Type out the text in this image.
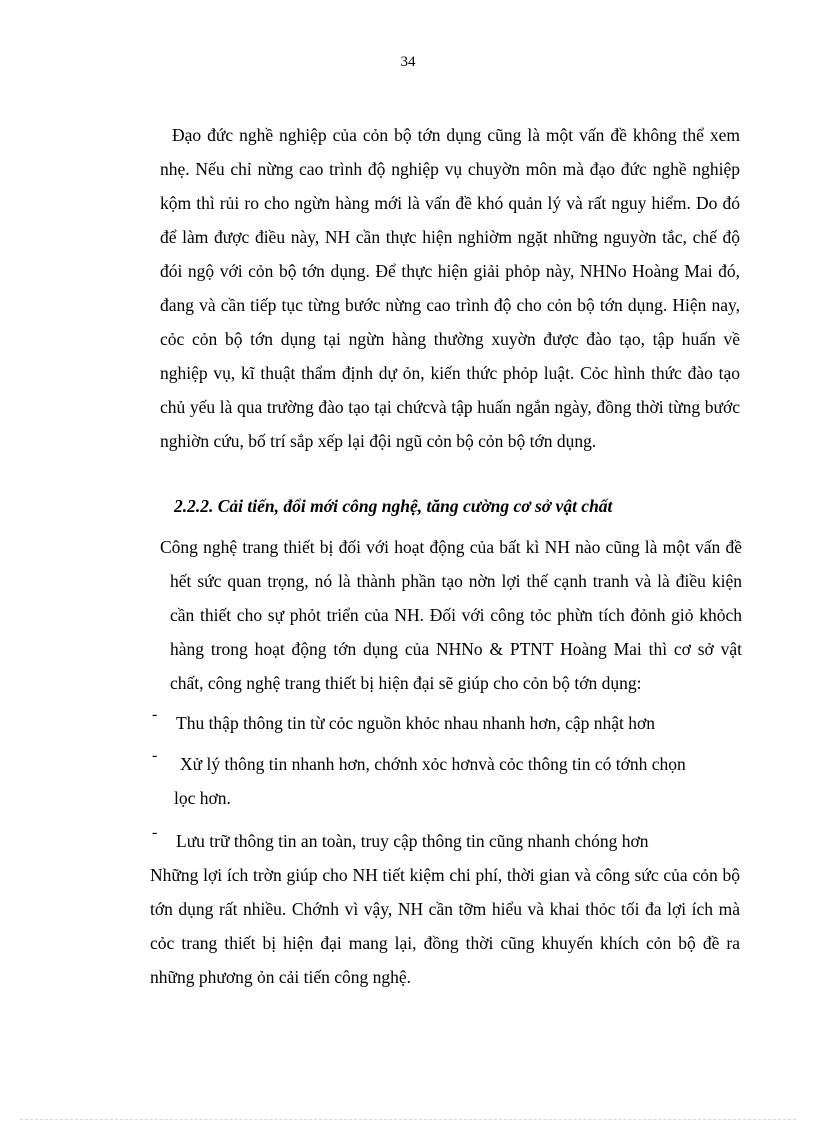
34

Đạo đức nghề nghiệp của cỏn bộ tớn dụng cũng là một vấn đề không thể xem nhẹ. Nếu chỉ nừng cao trình độ nghiệp vụ chuyờn môn mà đạo đức nghề nghiệp kộm thì rủi ro cho ngừn hàng mới là vấn đề khó quản lý và rất nguy hiểm. Do đó để làm được điều này, NH cần thực hiện nghiờm ngặt những nguyờn tắc, chế độ đói ngộ với cỏn bộ tớn dụng. Để thực hiện giải phỏp này, NHNo Hoàng Mai đó, đang và cần tiếp tục từng bước nừng cao trình độ cho cỏn bộ tớn dụng. Hiện nay, cỏc cỏn bộ tớn dụng tại ngừn hàng thường xuyờn được đào tạo, tập huấn về nghiệp vụ, kĩ thuật thẩm định dự ỏn, kiến thức phỏp luật. Cỏc hình thức đào tạo chủ yếu là qua trường đào tạo tại chứcvà tập huấn ngắn ngày, đồng thời từng bước nghiờn cứu, bố trí sắp xếp lại đội ngũ cỏn bộ cỏn bộ tớn dụng.

2.2.2. Cải tiến, đổi mới công nghệ, tăng cường cơ sở vật chất

Công nghệ trang thiết bị đối với hoạt động của bất kì NH nào cũng là một vấn đề hết sức quan trọng, nó là thành phần tạo nờn lợi thế cạnh tranh và là điều kiện cần thiết cho sự phỏt triển của NH. Đối với công tỏc phừn tích đỏnh giỏ khỏch hàng trong hoạt động tớn dụng của NHNo & PTNT Hoàng Mai thì cơ sở vật chất, công nghệ trang thiết bị hiện đại sẽ giúp cho cỏn bộ tớn dụng:

- Thu thập thông tin từ cỏc nguồn khỏc nhau nhanh hơn, cập nhật hơn
- Xử lý thông tin nhanh hơn, chớnh xỏc hơnvà cỏc thông tin có tớnh chọn
lọc hơn.
- Lưu trữ thông tin an toàn, truy cập thông tin cũng nhanh chóng hơn

Những lợi ích trờn giúp cho NH tiết kiệm chi phí, thời gian và công sức của cỏn bộ tớn dụng rất nhiều. Chớnh vì vậy, NH cần tỡm hiểu và khai thỏc tối đa lợi ích mà cỏc trang thiết bị hiện đại mang lại, đồng thời cũng khuyến khích cỏn bộ đề ra những phương ỏn cải tiến công nghệ.
